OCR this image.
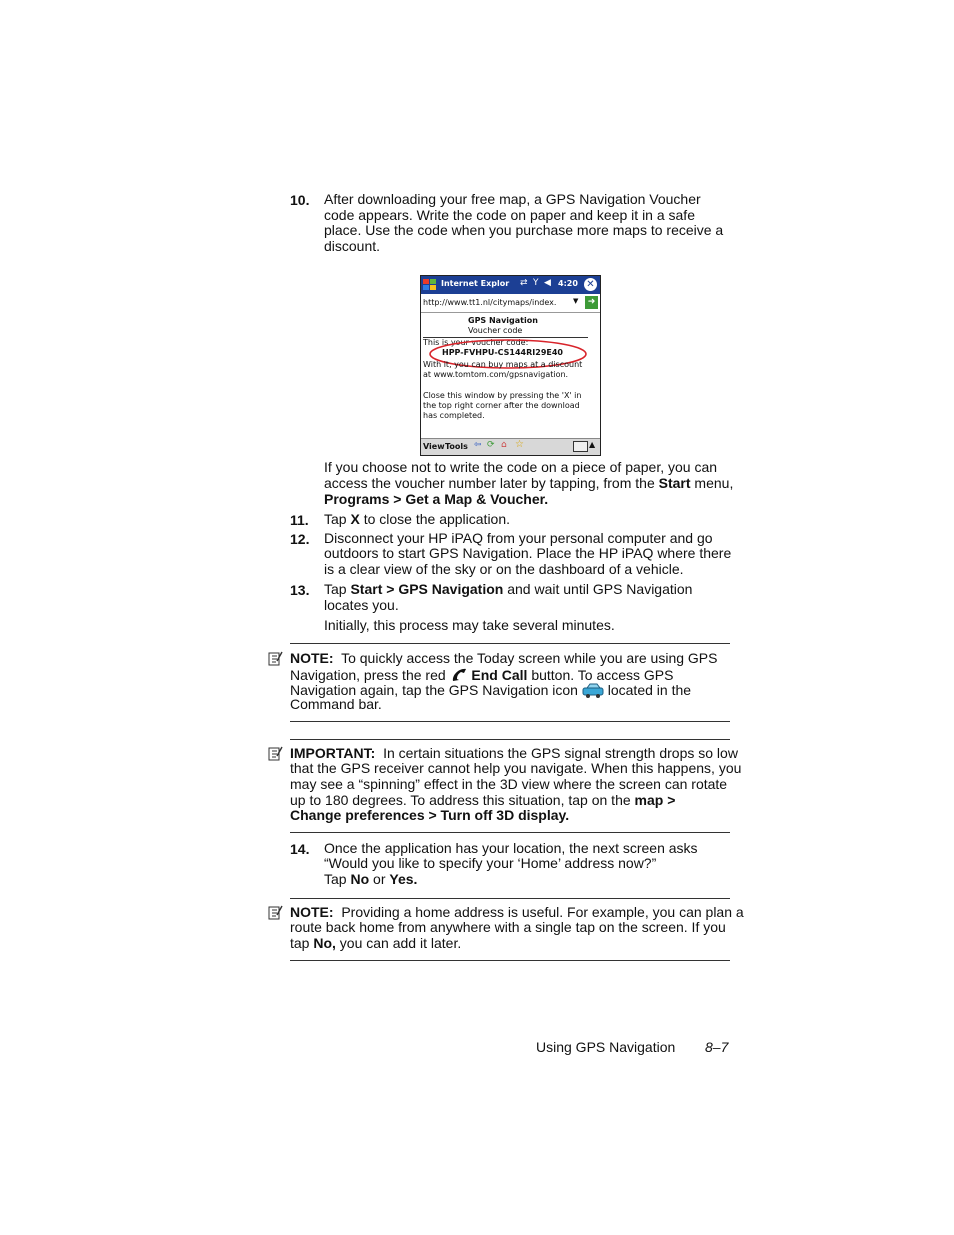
10. After downloading your free map, a GPS Navigation Voucher
code appears. Write the code on paper and keep it in a safe
place. Use the code when you purchase more maps to receive a
discount.
Internet Explor ⇄ Y ◀ 4:20 ✕
http://www.tt1.nl/citymaps/index. ▼	➜
GPS Navigation
Voucher code
This is your voucher code:
HPP-FVHPU-CS144RI29E40
With it, you can buy maps at a discount
at www.tomtom.com/gpsnavigation.
Close this window by pressing the 'X' in
the top right corner after the download
has completed.
View Tools ⇦ ⟳ ⌂ ☆	▲
If you choose not to write the code on a piece of paper, you can
access the voucher number later by tapping, from the Start menu,
Programs > Get a Map & Voucher.
11. Tap X to close the application.
12. Disconnect your HP iPAQ from your personal computer and go
outdoors to start GPS Navigation. Place the HP iPAQ where there
is a clear view of the sky or on the dashboard of a vehicle.
13. Tap Start > GPS Navigation and wait until GPS Navigation
locates you.
Initially, this process may take several minutes.
NOTE: To quickly access the Today screen while you are using GPS
Navigation, press the red  End Call button. To access GPS
Navigation again, tap the GPS Navigation icon  located in the
Command bar.
IMPORTANT: In certain situations the GPS signal strength drops so low
that the GPS receiver cannot help you navigate. When this happens, you
may see a “spinning” effect in the 3D view where the screen can rotate
up to 180 degrees. To address this situation, tap on the map >
Change preferences > Turn off 3D display.
14. Once the application has your location, the next screen asks
“Would you like to specify your ‘Home’ address now?”
Tap No or Yes.
NOTE: Providing a home address is useful. For example, you can plan a
route back home from anywhere with a single tap on the screen. If you
tap No, you can add it later.
Using GPS Navigation 8–7
